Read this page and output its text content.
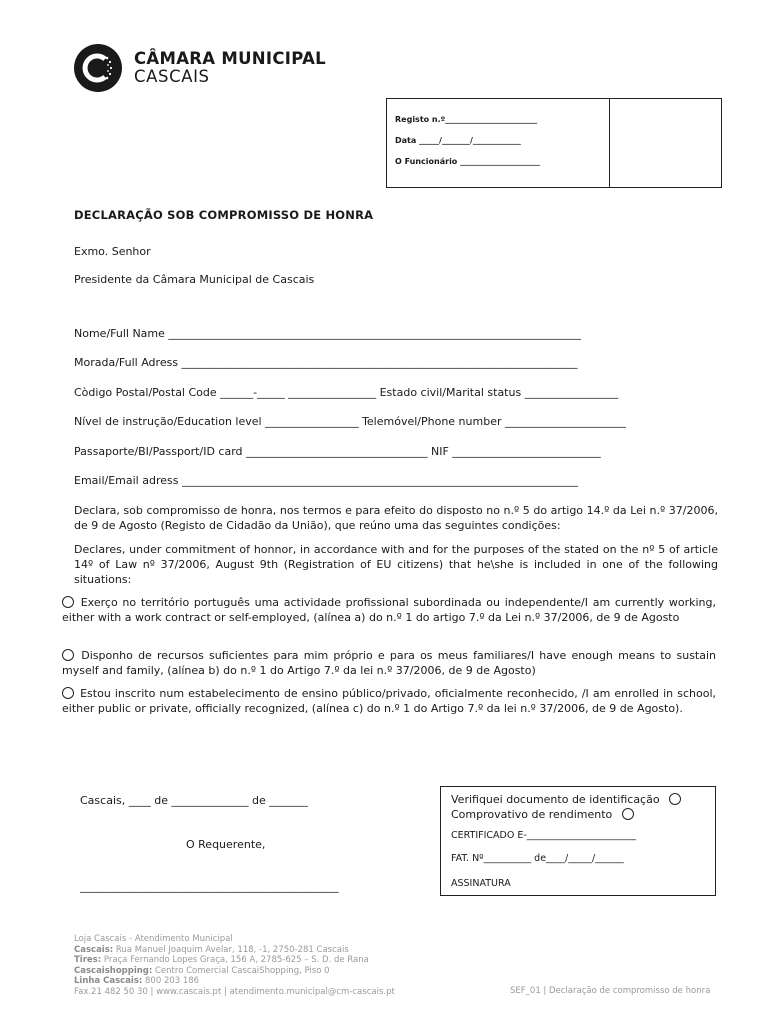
CÂMARA MUNICIPAL
CASCAIS
Registo n.º_______________________
Data _____/_______/____________
O Funcionário ____________________
DECLARAÇÃO SOB COMPROMISSO DE HONRA
Exmo. Senhor
Presidente da Câmara Municipal de Cascais
Nome/Full Name ___________________________________________________________________________
Morada/Full Adress ________________________________________________________________________
Còdigo Postal/Postal Code ______-_____ ________________ Estado civil/Marital status _________________
Nível de instrução/Education level _________________ Telemóvel/Phone number ______________________
Passaporte/BI/Passport/ID card _________________________________ NIF ___________________________
Email/Email adress ________________________________________________________________________
Declara, sob compromisso de honra, nos termos e para efeito do disposto no n.º 5 do artigo 14.º da Lei n.º 37/2006, de 9 de Agosto (Registo de Cidadão da União), que reúno uma das seguintes condições:
Declares, under commitment of honnor, in accordance with and for the purposes of the stated on the nº 5 of article 14º of Law nº 37/2006, August 9th (Registration of EU citizens) that he\she is included in one of the following situations:
Exerço no território português uma actividade profissional subordinada ou independente/I am currently working, either with a work contract or self-employed, (alínea a) do n.º 1 do artigo 7.º da Lei n.º 37/2006, de 9 de Agosto
Disponho de recursos suficientes para mim próprio e para os meus familiares/I have enough means to sustain myself and family, (alínea b) do n.º 1 do Artigo 7.º da lei n.º 37/2006, de 9 de Agosto)
Estou inscrito num estabelecimento de ensino público/privado, oficialmente reconhecido, /I am enrolled in school, either public or private, officially recognized, (alínea c) do n.º 1 do Artigo 7.º da lei n.º 37/2006, de 9 de Agosto).
Cascais, ____ de ______________ de _______
O Requerente,
_______________________________________________
Verifiquei documento de identificação
Comprovativo de rendimento
CERTIFICADO E-_______________________
FAT. Nº__________ de____/_____/______
ASSINATURA
Loja Cascais - Atendimento Municipal
Cascais: Rua Manuel Joaquim Avelar, 118, -1, 2750-281 Cascais
Tires: Praça Fernando Lopes Graça, 156 A, 2785-625 – S. D. de Rana
Cascaishopping: Centro Comercial CascaiShopping, Piso 0
Linha Cascais: 800 203 186
Fax.21 482 50 30 | www.cascais.pt | atendimento.municipal@cm-cascais.pt	SEF_01 | Declaração de compromisso de honra
